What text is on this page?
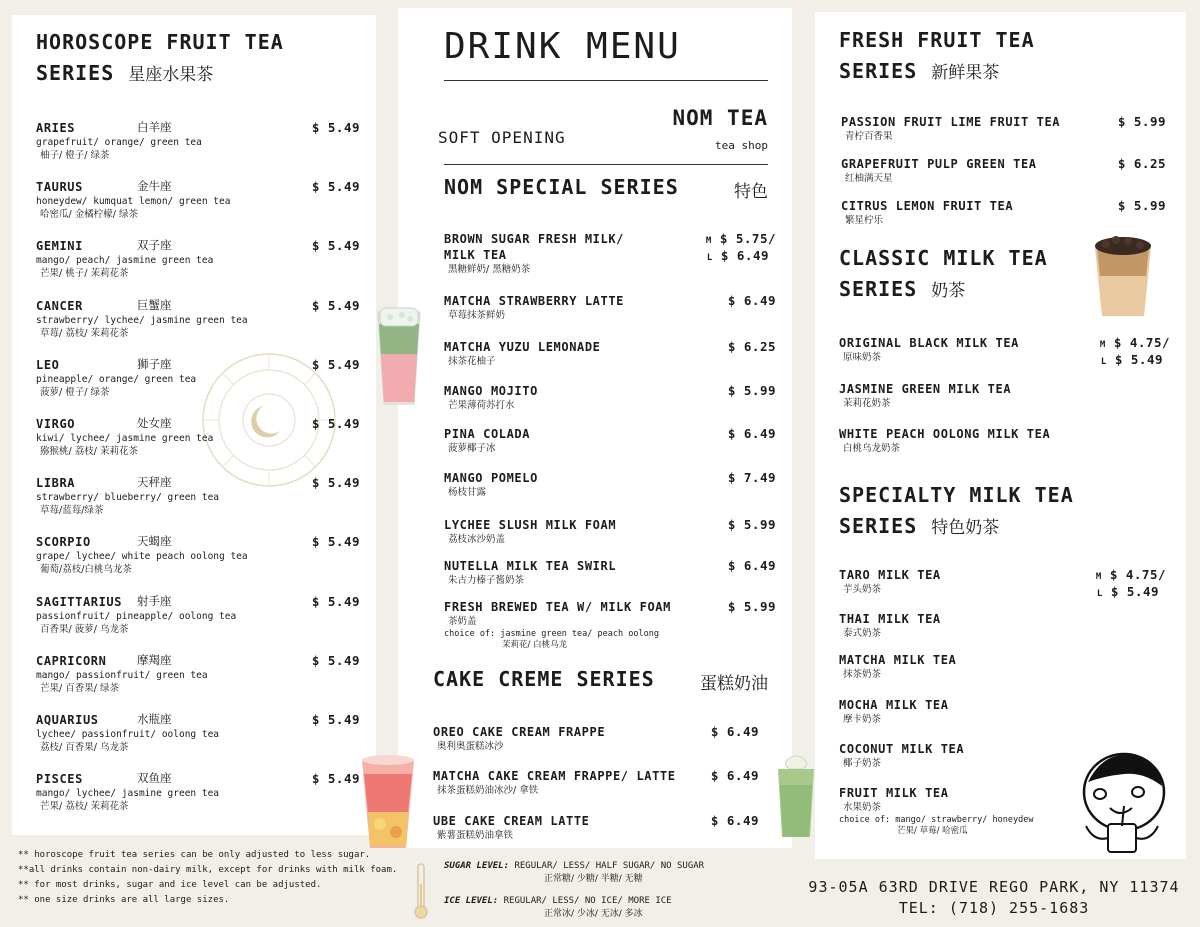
HOROSCOPE FRUIT TEA
SERIES 星座水果茶
ARIES
grapefruit/ orange/ green tea
柚子/ 橙子/ 绿茶
白羊座	$ 5.49
TAURUS
honeydew/ kumquat lemon/ green tea
哈密瓜/ 金橘柠檬/ 绿茶
金牛座	$ 5.49
GEMINI
mango/ peach/ jasmine green tea
芒果/ 桃子/ 茉莉花茶
双子座	$ 5.49
CANCER
strawberry/ lychee/ jasmine green tea
草莓/ 荔枝/ 茉莉花茶
巨蟹座	$ 5.49
LEO
pineapple/ orange/ green tea
菠萝/ 橙子/ 绿茶
狮子座	$ 5.49
VIRGO
kiwi/ lychee/ jasmine green tea
猕猴桃/ 荔枝/ 茉莉花茶
处女座	$ 5.49
LIBRA
strawberry/ blueberry/ green tea
草莓/蓝莓/绿茶
天秤座	$ 5.49
SCORPIO
grape/ lychee/ white peach oolong tea
葡萄/荔枝/白桃乌龙茶
天蝎座	$ 5.49
SAGITTARIUS
passionfruit/ pineapple/ oolong tea
百香果/ 菠萝/ 乌龙茶
射手座	$ 5.49
CAPRICORN
mango/ passionfruit/ green tea
芒果/ 百香果/ 绿茶
摩羯座	$ 5.49
AQUARIUS
lychee/ passionfruit/ oolong tea
荔枝/ 百香果/ 乌龙茶
水瓶座	$ 5.49
PISCES
mango/ lychee/ jasmine green tea
芒果/ 荔枝/ 茉莉花茶
双鱼座	$ 5.49
** horoscope fruit tea series can be only adjusted to less sugar.
**all drinks contain non-dairy milk, except for drinks with milk foam.
** for most drinks, sugar and ice level can be adjusted.
** one size drinks are all large sizes.
DRINK MENU
SOFT OPENING
NOM TEA
tea shop
NOM SPECIAL SERIES	特色
BROWN SUGAR FRESH MILK/
MILK TEA
黑糖鲜奶/ 黑糖奶茶
M $ 5.75/
L $ 6.49
MATCHA STRAWBERRY LATTE
草莓抹茶鲜奶
$ 6.49
MATCHA YUZU LEMONADE
抹茶花柚子
$ 6.25
MANGO MOJITO
芒果薄荷苏打水
$ 5.99
PINA COLADA
菠萝椰子冰
$ 6.49
MANGO POMELO
杨枝甘露
$ 7.49
LYCHEE SLUSH MILK FOAM
荔枝冰沙奶盖
$ 5.99
NUTELLA MILK TEA SWIRL
朱古力榛子酱奶茶
$ 6.49
FRESH BREWED TEA W/ MILK FOAM
茶奶盖
choice of: jasmine green tea/ peach oolong
茉莉花/ 白桃乌龙
$ 5.99
CAKE CREME SERIES	蛋糕奶油
OREO CAKE CREAM FRAPPE
奥利奥蛋糕冰沙
$ 6.49
MATCHA CAKE CREAM FRAPPE/ LATTE
抹茶蛋糕奶油冰沙/ 拿铁
$ 6.49
UBE CAKE CREAM LATTE
紫薯蛋糕奶油拿铁
$ 6.49
SUGAR LEVEL: REGULAR/ LESS/ HALF SUGAR/ NO SUGAR
正常糖/ 少糖/ 半糖/ 无糖
ICE LEVEL: REGULAR/ LESS/ NO ICE/ MORE ICE
正常冰/ 少冰/ 无冰/ 多冰
FRESH FRUIT TEA
SERIES 新鲜果茶
PASSION FRUIT LIME FRUIT TEA
青柠百香果
$ 5.99
GRAPEFRUIT PULP GREEN TEA
红柚满天星
$ 6.25
CITRUS LEMON FRUIT TEA
繁星柠乐
$ 5.99
CLASSIC MILK TEA
SERIES 奶茶
ORIGINAL BLACK MILK TEA
原味奶茶
M $ 4.75/
L $ 5.49
JASMINE GREEN MILK TEA
茉莉花奶茶
WHITE PEACH OOLONG MILK TEA
白桃乌龙奶茶
SPECIALTY MILK TEA
SERIES 特色奶茶
TARO MILK TEA
芋头奶茶
M $ 4.75/
L $ 5.49
THAI MILK TEA
泰式奶茶
MATCHA MILK TEA
抹茶奶茶
MOCHA MILK TEA
摩卡奶茶
COCONUT MILK TEA
椰子奶茶
FRUIT MILK TEA
水果奶茶
choice of: mango/ strawberry/ honeydew
芒果/ 草莓/ 哈密瓜
93-05A 63RD DRIVE REGO PARK, NY 11374
TEL: (718) 255-1683
